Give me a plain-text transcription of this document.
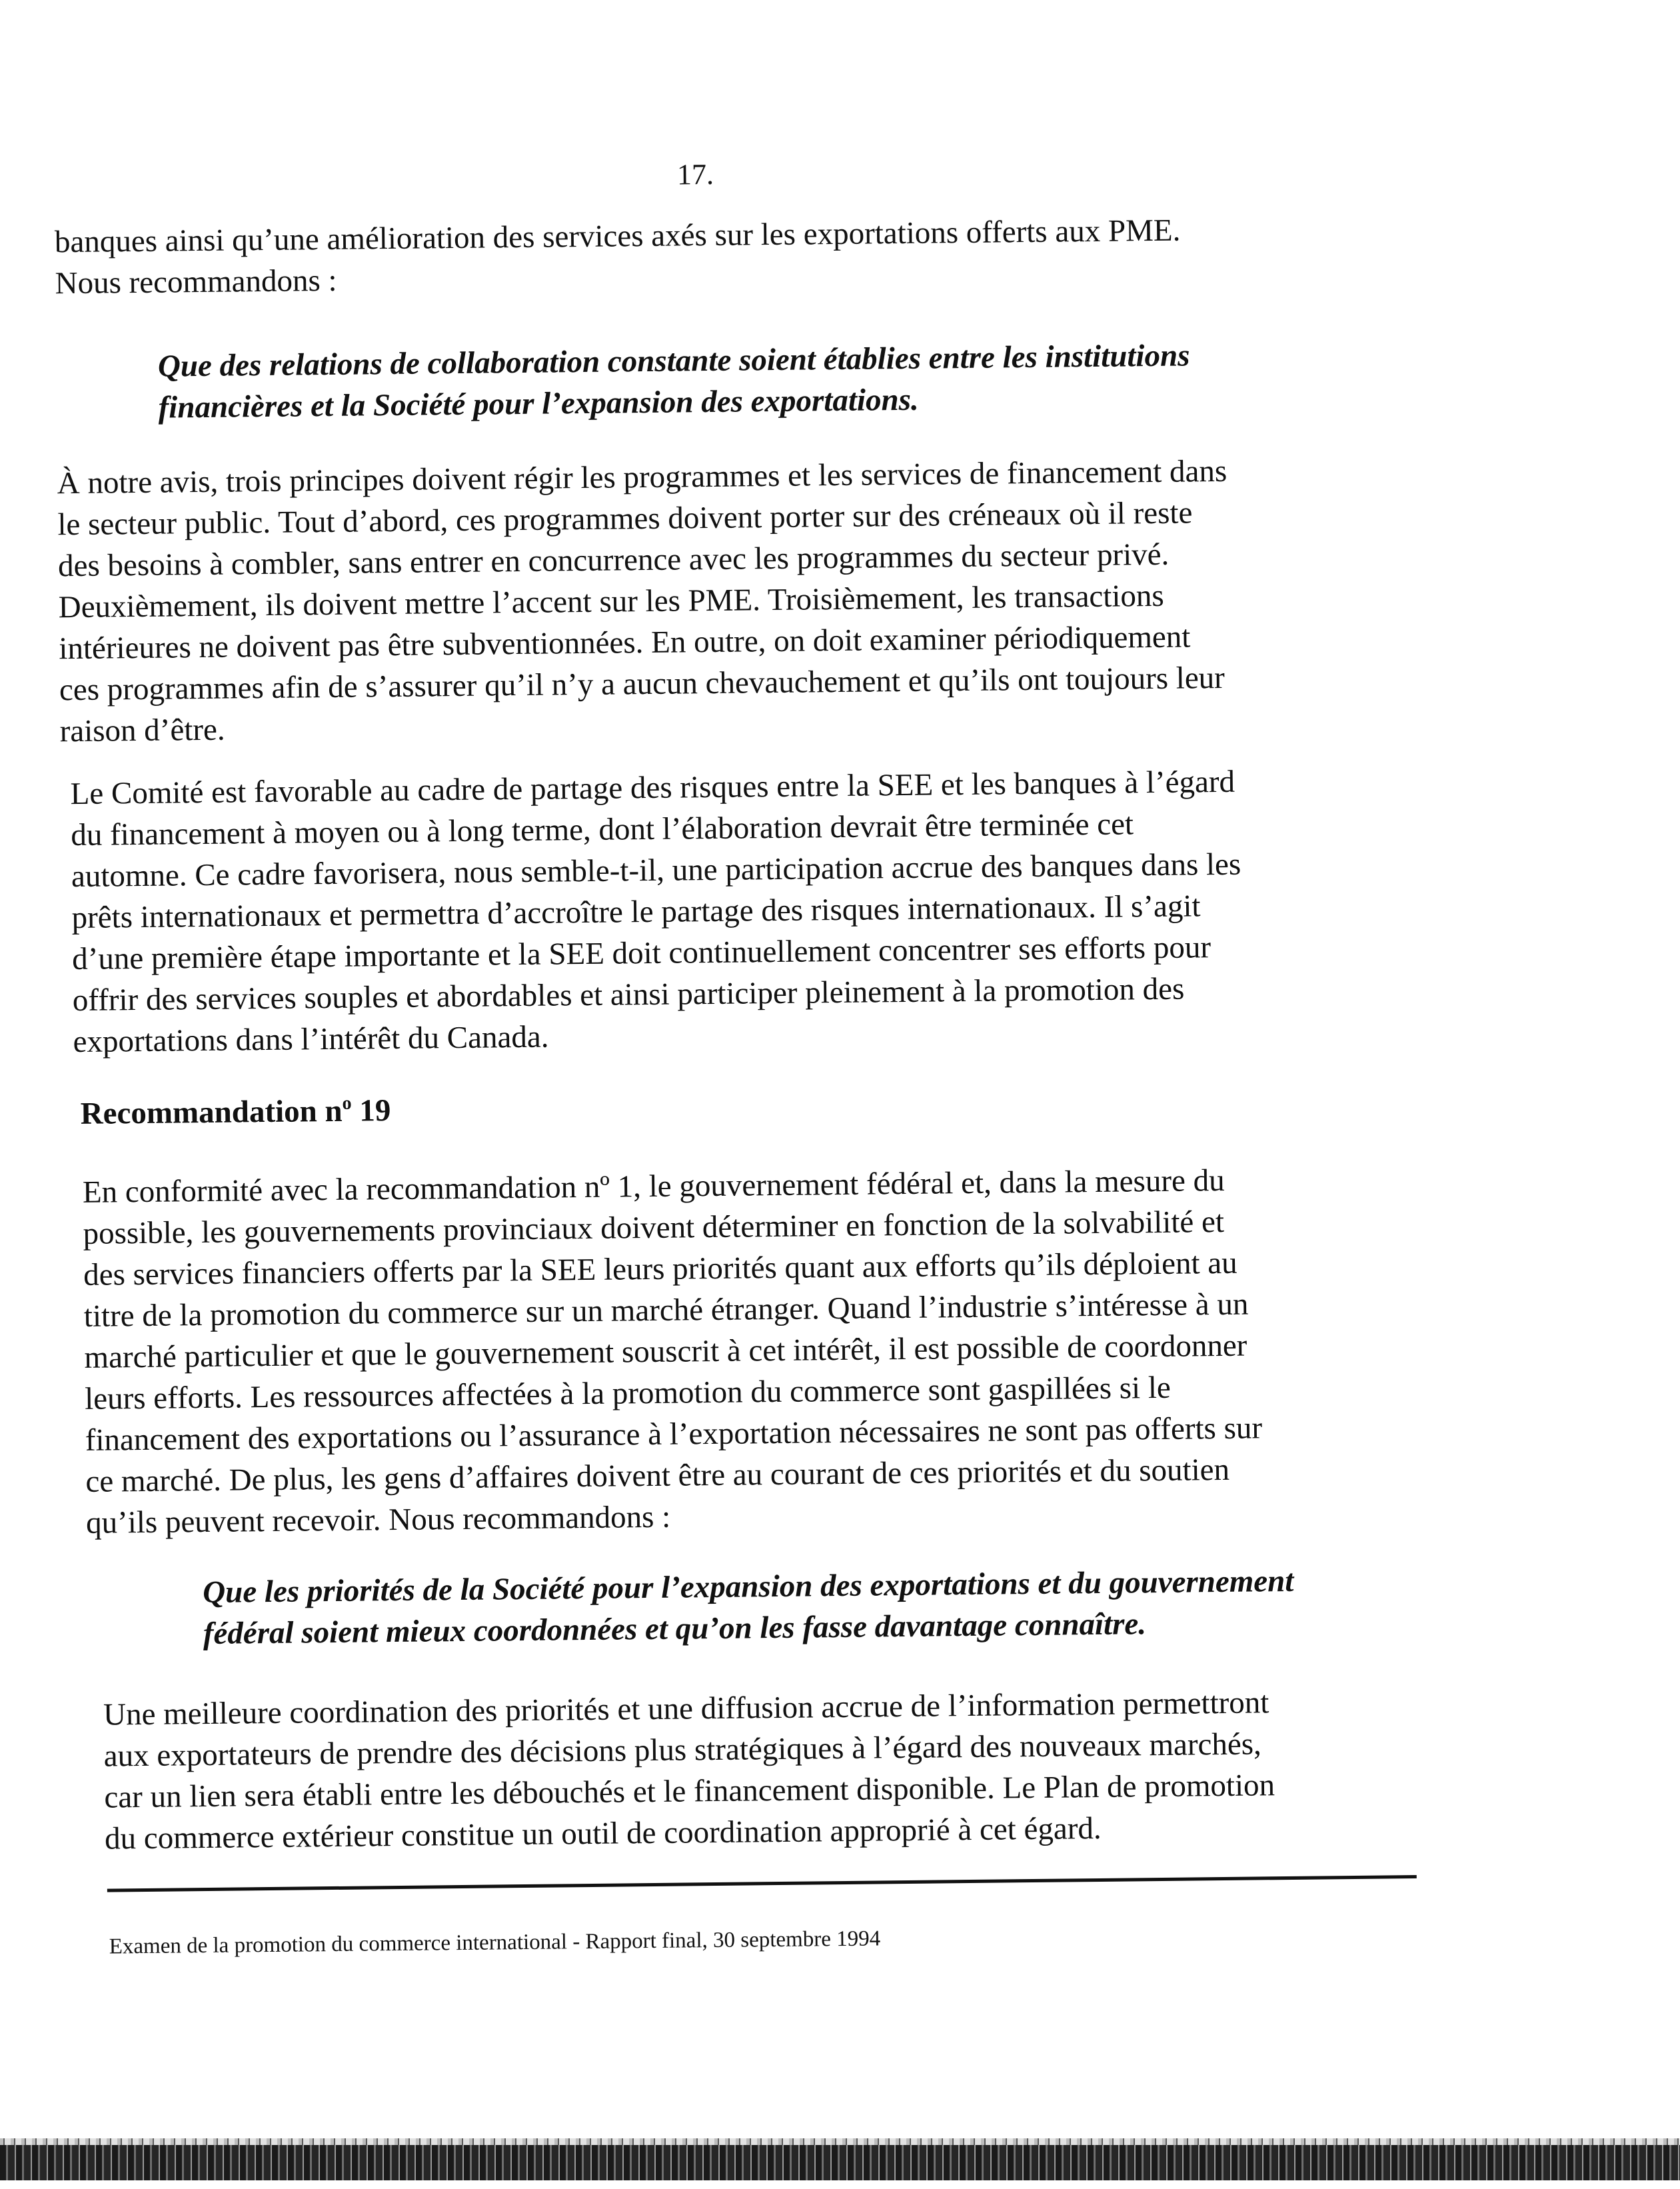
17.
banques ainsi qu’une amélioration des services axés sur les exportations offerts aux PME.
Nous recommandons :
Que des relations de collaboration constante soient établies entre les institutions
financières et la Société pour l’expansion des exportations.
À notre avis, trois principes doivent régir les programmes et les services de financement dans
le secteur public. Tout d’abord, ces programmes doivent porter sur des créneaux où il reste
des besoins à combler, sans entrer en concurrence avec les programmes du secteur privé.
Deuxièmement, ils doivent mettre l’accent sur les PME. Troisièmement, les transactions
intérieures ne doivent pas être subventionnées. En outre, on doit examiner périodiquement
ces programmes afin de s’assurer qu’il n’y a aucun chevauchement et qu’ils ont toujours leur
raison d’être.
Le Comité est favorable au cadre de partage des risques entre la SEE et les banques à l’égard
du financement à moyen ou à long terme, dont l’élaboration devrait être terminée cet
automne. Ce cadre favorisera, nous semble-t-il, une participation accrue des banques dans les
prêts internationaux et permettra d’accroître le partage des risques internationaux. Il s’agit
d’une première étape importante et la SEE doit continuellement concentrer ses efforts pour
offrir des services souples et abordables et ainsi participer pleinement à la promotion des
exportations dans l’intérêt du Canada.
Recommandation $n^o$ 19
En conformité avec la recommandation nº 1, le gouvernement fédéral et, dans la mesure du
possible, les gouvernements provinciaux doivent déterminer en fonction de la solvabilité et
des services financiers offerts par la SEE leurs priorités quant aux efforts qu’ils déploient au
titre de la promotion du commerce sur un marché étranger. Quand l’industrie s’intéresse à un
marché particulier et que le gouvernement souscrit à cet intérêt, il est possible de coordonner
leurs efforts. Les ressources affectées à la promotion du commerce sont gaspillées si le
financement des exportations ou l’assurance à l’exportation nécessaires ne sont pas offerts sur
ce marché. De plus, les gens d’affaires doivent être au courant de ces priorités et du soutien
qu’ils peuvent recevoir. Nous recommandons :
Que les priorités de la Société pour l’expansion des exportations et du gouvernement
fédéral soient mieux coordonnées et qu’on les fasse davantage connaître.
Une meilleure coordination des priorités et une diffusion accrue de l’information permettront
aux exportateurs de prendre des décisions plus stratégiques à l’égard des nouveaux marchés,
car un lien sera établi entre les débouchés et le financement disponible. Le Plan de promotion
du commerce extérieur constitue un outil de coordination approprié à cet égard.
Examen de la promotion du commerce international - Rapport final, 30 septembre 1994
